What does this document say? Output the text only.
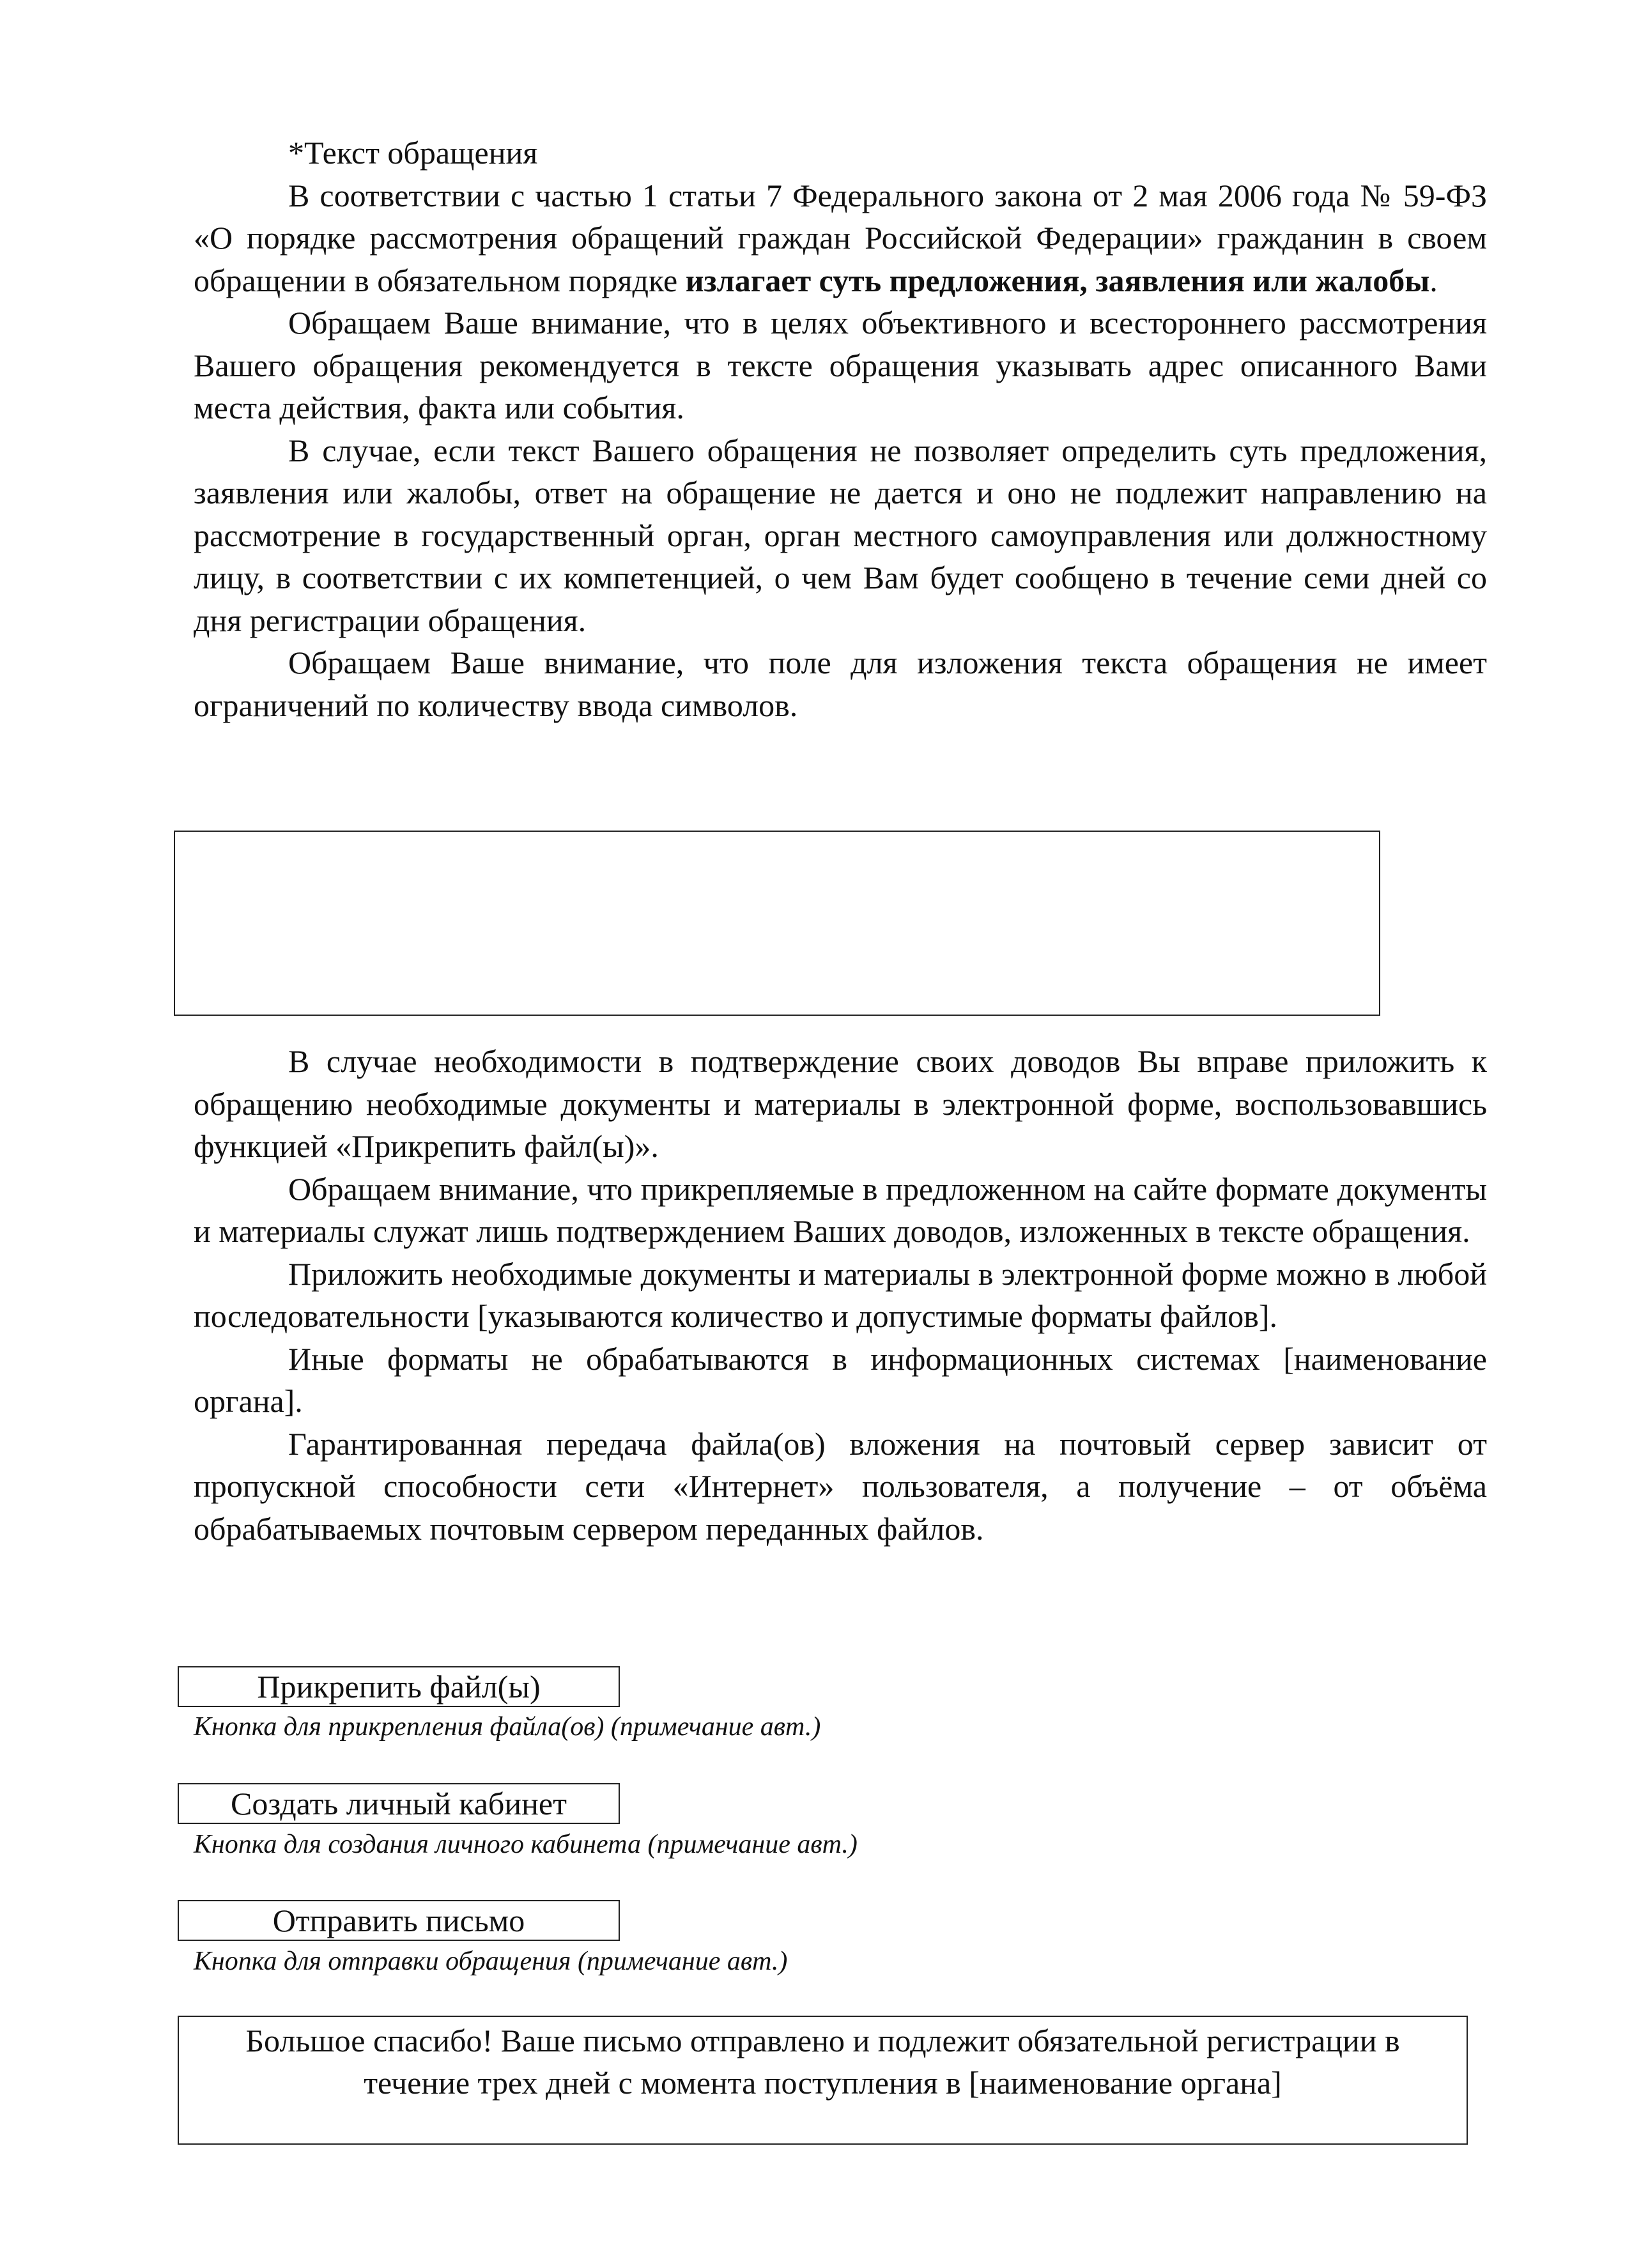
*Текст обращения

В соответствии с частью 1 статьи 7 Федерального закона от 2 мая 2006 года № 59-ФЗ «О порядке рассмотрения обращений граждан Российской Федерации» гражданин в своем обращении в обязательном порядке излагает суть предложения, заявления или жалобы.

Обращаем Ваше внимание, что в целях объективного и всестороннего рассмотрения Вашего обращения рекомендуется в тексте обращения указывать адрес описанного Вами места действия, факта или события.

В случае, если текст Вашего обращения не позволяет определить суть предложения, заявления или жалобы, ответ на обращение не дается и оно не подлежит направлению на рассмотрение в государственный орган, орган местного самоуправления или должностному лицу, в соответствии с их компетенцией, о чем Вам будет сообщено в течение семи дней со дня регистрации обращения.

Обращаем Ваше внимание, что поле для изложения текста обращения не имеет ограничений по количеству ввода символов.

В случае необходимости в подтверждение своих доводов Вы вправе приложить к обращению необходимые документы и материалы в электронной форме, воспользовавшись функцией «Прикрепить файл(ы)».

Обращаем внимание, что прикрепляемые в предложенном на сайте формате документы и материалы служат лишь подтверждением Ваших доводов, изложенных в тексте обращения.

Приложить необходимые документы и материалы в электронной форме можно в любой последовательности [указываются количество и допустимые форматы файлов].

Иные форматы не обрабатываются в информационных системах [наименование органа].

Гарантированная передача файла(ов) вложения на почтовый сервер зависит от пропускной способности сети «Интернет» пользователя, а получение – от объёма обрабатываемых почтовым сервером переданных файлов.

Прикрепить файл(ы)
Кнопка для прикрепления файла(ов) (примечание авт.)
Создать личный кабинет
Кнопка для создания личного кабинета (примечание авт.)
Отправить письмо
Кнопка для отправки обращения (примечание авт.)
Большое спасибо! Ваше письмо отправлено и подлежит обязательной регистрации в течение трех дней с момента поступления в [наименование органа]
